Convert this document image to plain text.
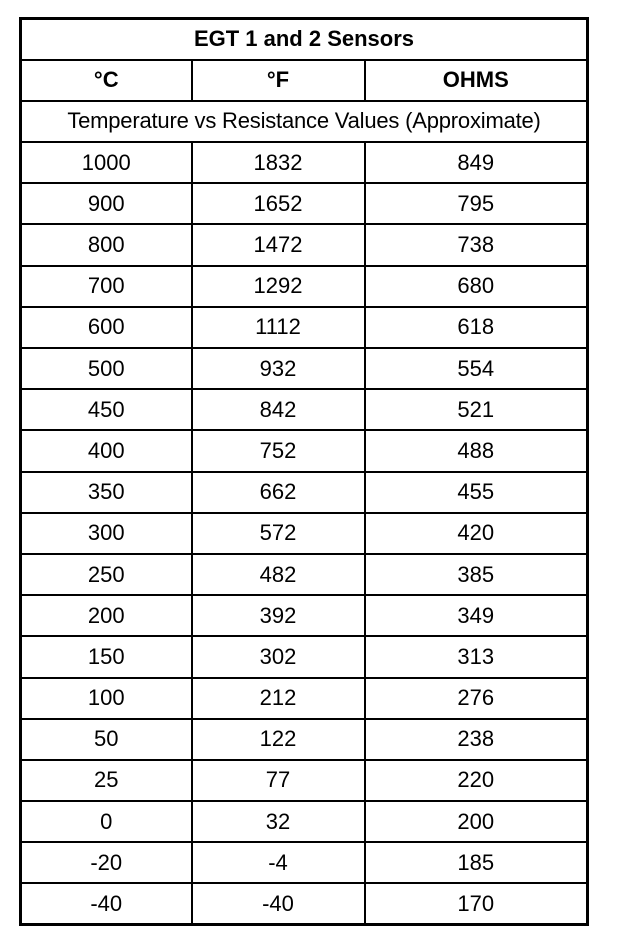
EGT 1 and 2 Sensors		
°C	°F	OHMS
Temperature vs Resistance Values (Approximate)		
1000	1832	849
900	1652	795
800	1472	738
700	1292	680
600	1112	618
500	932	554
450	842	521
400	752	488
350	662	455
300	572	420
250	482	385
200	392	349
150	302	313
100	212	276
50	122	238
25	77	220
0	32	200
-20	-4	185
-40	-40	170
